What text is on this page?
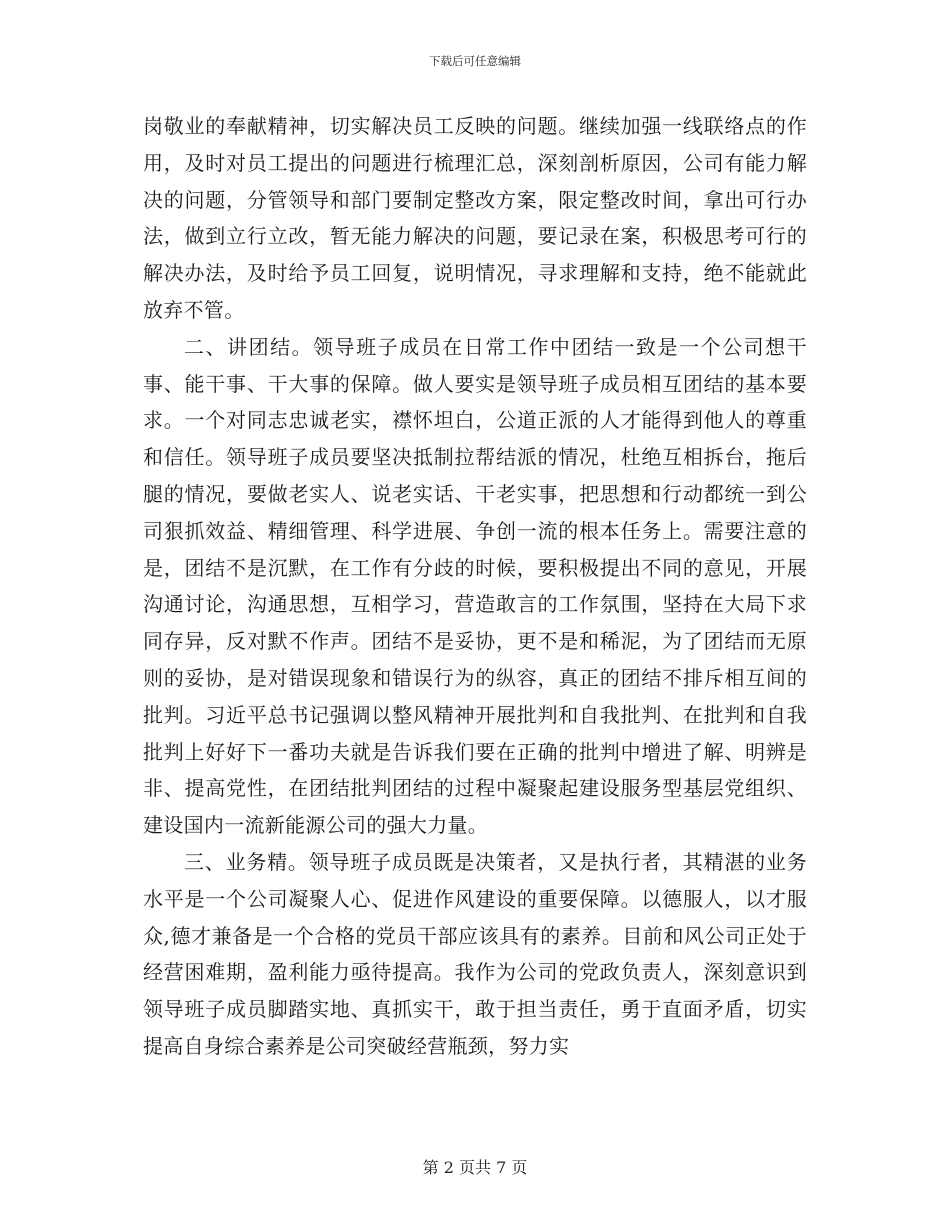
下载后可任意编辑

岗敬业的奉献精神，切实解决员工反映的问题。继续加强一线联络点的作用，及时对员工提出的问题进行梳理汇总，深刻剖析原因，公司有能力解决的问题，分管领导和部门要制定整改方案，限定整改时间，拿出可行办法，做到立行立改，暂无能力解决的问题，要记录在案，积极思考可行的解决办法，及时给予员工回复，说明情况，寻求理解和支持，绝不能就此放弃不管。

二、讲团结。领导班子成员在日常工作中团结一致是一个公司想干事、能干事、干大事的保障。做人要实是领导班子成员相互团结的基本要求。一个对同志忠诚老实，襟怀坦白，公道正派的人才能得到他人的尊重和信任。领导班子成员要坚决抵制拉帮结派的情况，杜绝互相拆台，拖后腿的情况，要做老实人、说老实话、干老实事，把思想和行动都统一到公司狠抓效益、精细管理、科学进展、争创一流的根本任务上。需要注意的是，团结不是沉默，在工作有分歧的时候，要积极提出不同的意见，开展沟通讨论，沟通思想，互相学习，营造敢言的工作氛围，坚持在大局下求同存异，反对默不作声。团结不是妥协，更不是和稀泥，为了团结而无原则的妥协，是对错误现象和错误行为的纵容，真正的团结不排斥相互间的批判。习近平总书记强调以整风精神开展批判和自我批判、在批判和自我批判上好好下一番功夫就是告诉我们要在正确的批判中增进了解、明辨是非、提高党性，在团结批判团结的过程中凝聚起建设服务型基层党组织、建设国内一流新能源公司的强大力量。

三、业务精。领导班子成员既是决策者，又是执行者，其精湛的业务水平是一个公司凝聚人心、促进作风建设的重要保障。以德服人，以才服众,德才兼备是一个合格的党员干部应该具有的素养。目前和风公司正处于经营困难期，盈利能力亟待提高。我作为公司的党政负责人，深刻意识到领导班子成员脚踏实地、真抓实干，敢于担当责任，勇于直面矛盾，切实提高自身综合素养是公司突破经营瓶颈，努力实

第 2 页共 7 页
